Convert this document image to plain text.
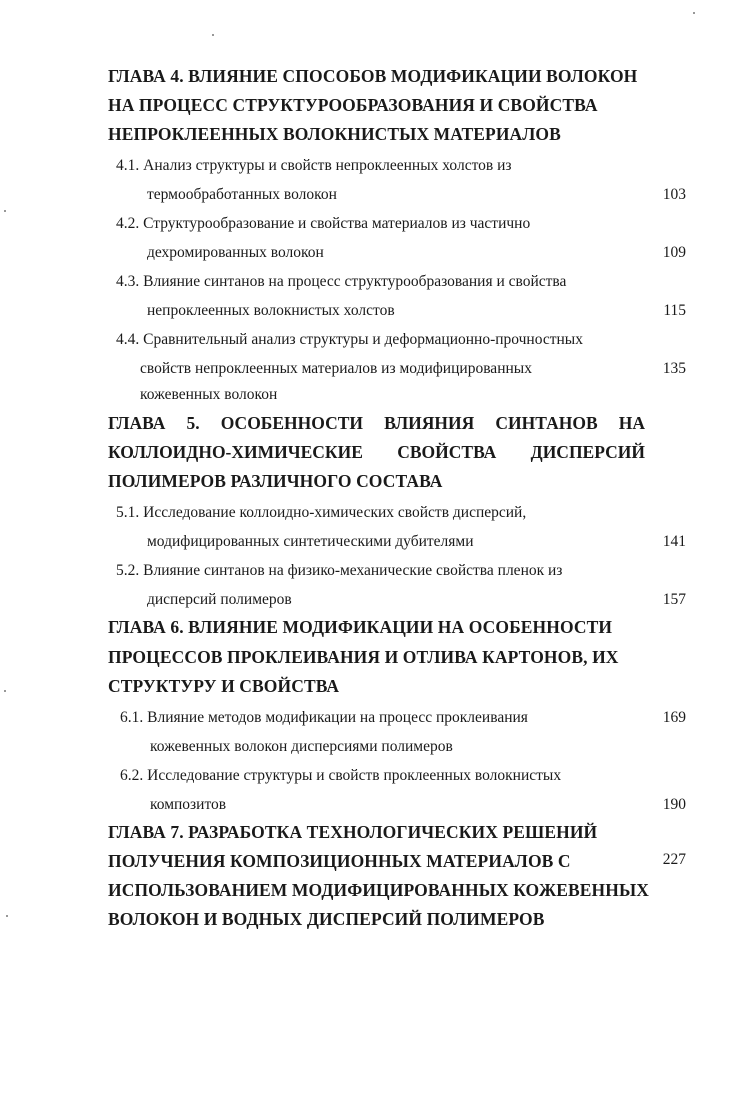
ГЛАВА 4. ВЛИЯНИЕ СПОСОБОВ МОДИФИКАЦИИ ВОЛОКОН
НА ПРОЦЕСС СТРУКТУРООБРАЗОВАНИЯ И СВОЙСТВА
НЕПРОКЛЕЕННЫХ ВОЛОКНИСТЫХ МАТЕРИАЛОВ
4.1. Анализ структуры и свойств непроклеенных холстов из
термообработанных волокон	103
4.2. Структурообразование и свойства материалов из частично
дехромированных волокон	109
4.3. Влияние синтанов на процесс структурообразования и свойства
непроклеенных волокнистых холстов	115
4.4. Сравнительный анализ структуры и деформационно-прочностных
свойств непроклеенных материалов из модифицированных	135
кожевенных волокон
ГЛАВА 5. ОСОБЕННОСТИ ВЛИЯНИЯ СИНТАНОВ НА
КОЛЛОИДНО-ХИМИЧЕСКИЕ СВОЙСТВА ДИСПЕРСИЙ
ПОЛИМЕРОВ РАЗЛИЧНОГО СОСТАВА
5.1. Исследование коллоидно-химических свойств дисперсий,
модифицированных синтетическими дубителями	141
5.2. Влияние синтанов на физико-механические свойства пленок из
дисперсий полимеров	157
ГЛАВА 6. ВЛИЯНИЕ МОДИФИКАЦИИ НА ОСОБЕННОСТИ
ПРОЦЕССОВ ПРОКЛЕИВАНИЯ И ОТЛИВА КАРТОНОВ, ИХ
СТРУКТУРУ И СВОЙСТВА
6.1. Влияние методов модификации на процесс проклеивания	169
кожевенных волокон дисперсиями полимеров
6.2. Исследование структуры и свойств проклеенных волокнистых
композитов	190
ГЛАВА 7. РАЗРАБОТКА ТЕХНОЛОГИЧЕСКИХ РЕШЕНИЙ
ПОЛУЧЕНИЯ КОМПОЗИЦИОННЫХ МАТЕРИАЛОВ С	227
ИСПОЛЬЗОВАНИЕМ МОДИФИЦИРОВАННЫХ КОЖЕВЕННЫХ
ВОЛОКОН И ВОДНЫХ ДИСПЕРСИЙ ПОЛИМЕРОВ
